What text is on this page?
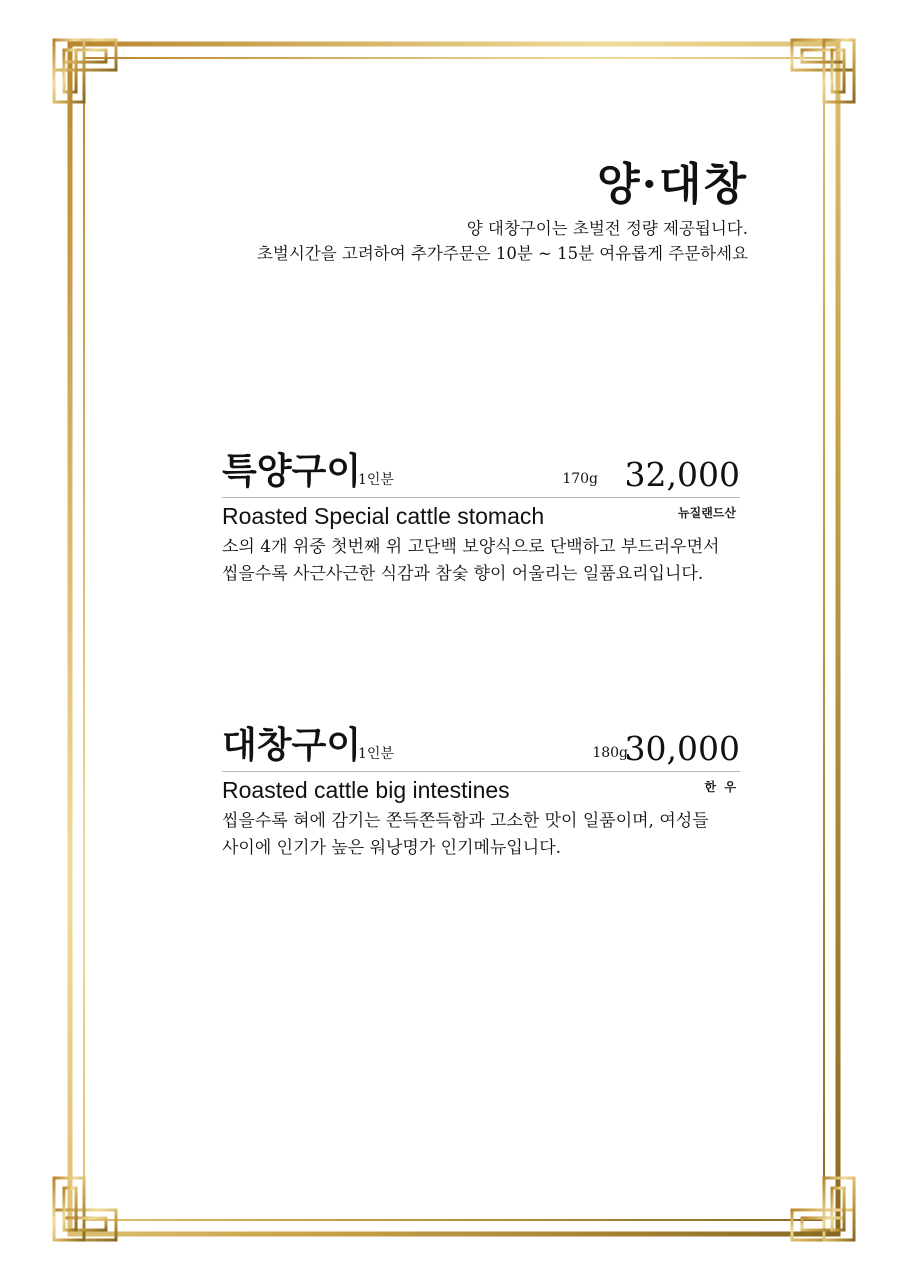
양·대창
양 대창구이는 초벌전 정량 제공됩니다.
초벌시간을 고려하여 추가주문은 10분 ~ 15분 여유롭게 주문하세요
특양구이
1인분	170g 32,000
Roasted Special cattle stomach	뉴질랜드산
소의 4개 위중 첫번째 위 고단백 보양식으로 단백하고 부드러우면서
씹을수록 사근사근한 식감과 참숯 향이 어울리는 일품요리입니다.
대창구이
1인분	180g
30,000
Roasted cattle big intestines	한  우
씹을수록 혀에 감기는 쫀득쫀득함과 고소한 맛이 일품이며, 여성들
사이에 인기가 높은 워낭명가 인기메뉴입니다.
